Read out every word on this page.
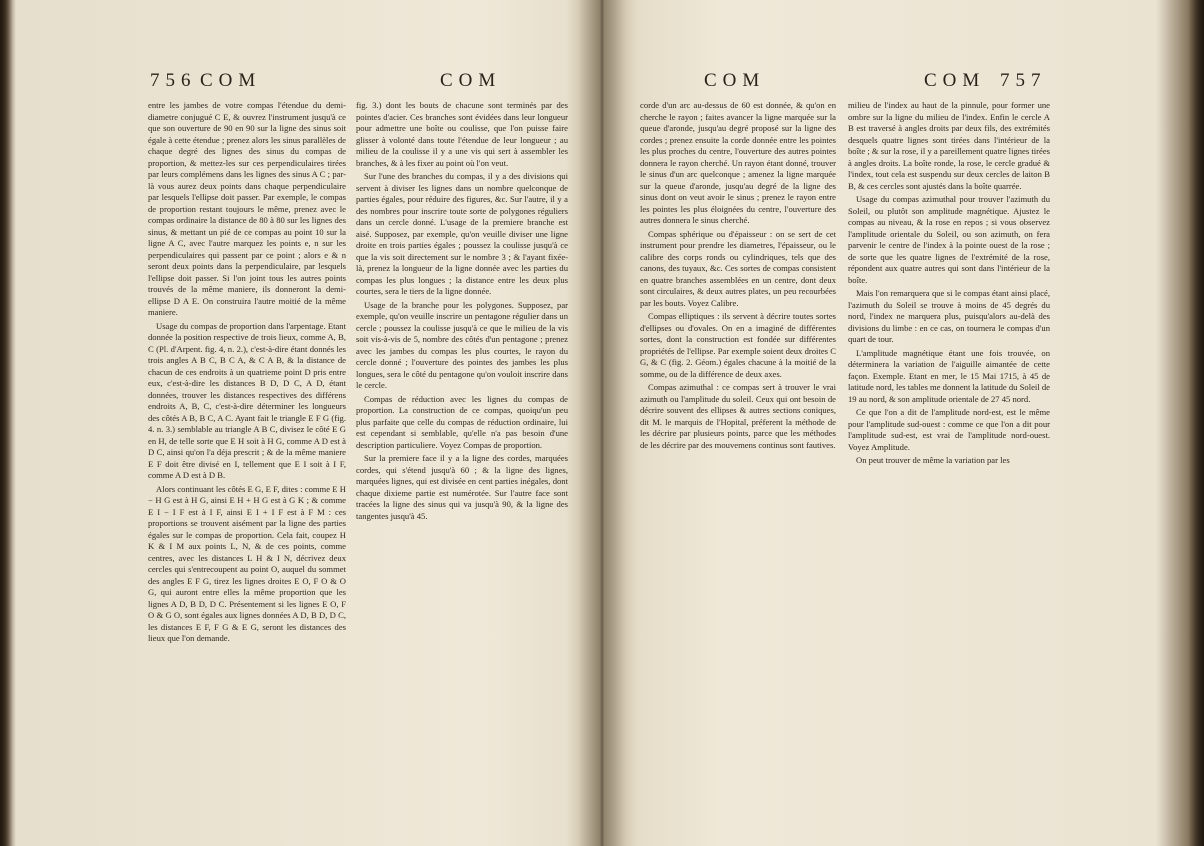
756 COM	COM

entre les jambes de votre compas l'étendue du demi-diametre conjugué C E, & ouvrez l'instrument jusqu'à ce que son ouverture de 90 en 90 sur la ligne des sinus soit égale à cette étendue ; prenez alors les sinus parallèles de chaque degré des lignes des sinus du compas de proportion, & mettez-les sur ces perpendiculaires tirées par leurs complémens dans les lignes des sinus A C ; par-là vous aurez deux points dans chaque perpendiculaire par lesquels l'ellipse doit passer. Par exemple, le compas de proportion restant toujours le même, prenez avec le compas ordinaire la distance de 80 à 80 sur les lignes des sinus, & mettant un pié de ce compas au point 10 sur la ligne A C, avec l'autre marquez les points e, n sur les perpendiculaires qui passent par ce point ; alors e & n seront deux points dans la perpendiculaire, par lesquels l'ellipse doit passer. Si l'on joint tous les autres points trouvés de la même maniere, ils donneront la demi-ellipse D A E. On construira l'autre moitié de la même maniere.

Usage du compas de proportion dans l'arpentage. Etant donnée la position respective de trois lieux, comme A, B, C (Pl. d'Arpent. fig. 4, n. 2.), c'est-à-dire étant donnés les trois angles A B C, B C A, & C A B, & la distance de chacun de ces endroits à un quatrieme point D pris entre eux, c'est-à-dire les distances B D, D C, A D, étant données, trouver les distances respectives des différens endroits A, B, C, c'est-à-dire déterminer les longueurs des côtés A B, B C, A C. Ayant fait le triangle E F G (fig. 4. n. 3.) semblable au triangle A B C, divisez le côté E G en H, de telle sorte que E H soit à H G, comme A D est à D C, ainsi qu'on l'a déja prescrit ; & de la même maniere E F doit être divisé en I, tellement que E I soit à I F, comme A D est à D B.

Alors continuant les côtés E G, E F, dites : comme E H − H G est à H G, ainsi E H + H G est à G K ; & comme E I − I F est à I F, ainsi E I + I F est à F M : ces proportions se trouvent aisément par la ligne des parties égales sur le compas de proportion. Cela fait, coupez H K & I M aux points L, N, & de ces points, comme centres, avec les distances L H & I N, décrivez deux cercles qui s'entrecoupent au point O, auquel du sommet des angles E F G, tirez les lignes droites E O, F O & O G, qui auront entre elles la même proportion que les lignes A D, B D, D C. Présentement si les lignes E O, F O & G O, sont égales aux lignes données A D, B D, D C, les distances E F, F G & E G, seront les distances des lieux que l'on demande.

fig. 3.) dont les bouts de chacune sont terminés par des pointes d'acier. Ces branches sont évidées dans leur longueur pour admettre une boîte ou coulisse, que l'on puisse faire glisser à volonté dans toute l'étendue de leur longueur ; au milieu de la coulisse il y a une vis qui sert à assembler les branches, & à les fixer au point où l'on veut.

Sur l'une des branches du compas, il y a des divisions qui servent à diviser les lignes dans un nombre quelconque de parties égales, pour réduire des figures, &c. Sur l'autre, il y a des nombres pour inscrire toute sorte de polygones réguliers dans un cercle donné. L'usage de la premiere branche est aisé. Supposez, par exemple, qu'on veuille diviser une ligne droite en trois parties égales ; poussez la coulisse jusqu'à ce que la vis soit directement sur le nombre 3 ; & l'ayant fixée-là, prenez la longueur de la ligne donnée avec les parties du compas les plus longues ; la distance entre les deux plus courtes, sera le tiers de la ligne donnée.

Usage de la branche pour les polygones. Supposez, par exemple, qu'on veuille inscrire un pentagone régulier dans un cercle ; poussez la coulisse jusqu'à ce que le milieu de la vis soit vis-à-vis de 5, nombre des côtés d'un pentagone ; prenez avec les jambes du compas les plus courtes, le rayon du cercle donné ; l'ouverture des pointes des jambes les plus longues, sera le côté du pentagone qu'on vouloit inscrire dans le cercle.

Compas de réduction avec les lignes du compas de proportion. La construction de ce compas, quoiqu'un peu plus parfaite que celle du compas de réduction ordinaire, lui est cependant si semblable, qu'elle n'a pas besoin d'une description particuliere. Voyez Compas de proportion.

Sur la premiere face il y a la ligne des cordes, marquées cordes, qui s'étend jusqu'à 60 ; & la ligne des lignes, marquées lignes, qui est divisée en cent parties inégales, dont chaque dixieme partie est numérotée. Sur l'autre face sont tracées la ligne des sinus qui va jusqu'à 90, & la ligne des tangentes jusqu'à 45.

COM	COM 757

corde d'un arc au-dessus de 60 est donnée, & qu'on en cherche le rayon ; faites avancer la ligne marquée sur la queue d'aronde, jusqu'au degré proposé sur la ligne des cordes ; prenez ensuite la corde donnée entre les pointes les plus proches du centre, l'ouverture des autres pointes donnera le rayon cherché. Un rayon étant donné, trouver le sinus d'un arc quelconque ; amenez la ligne marquée sur la queue d'aronde, jusqu'au degré de la ligne des sinus dont on veut avoir le sinus ; prenez le rayon entre les pointes les plus éloignées du centre, l'ouverture des autres donnera le sinus cherché.

Compas sphérique ou d'épaisseur : on se sert de cet instrument pour prendre les diametres, l'épaisseur, ou le calibre des corps ronds ou cylindriques, tels que des canons, des tuyaux, &c. Ces sortes de compas consistent en quatre branches assemblées en un centre, dont deux sont circulaires, & deux autres plates, un peu recourbées par les bouts. Voyez Calibre.

Compas elliptiques : ils servent à décrire toutes sortes d'ellipses ou d'ovales. On en a imaginé de différentes sortes, dont la construction est fondée sur différentes propriétés de l'ellipse. Par exemple soient deux droites C G, & C (fig. 2. Géom.) égales chacune à la moitié de la somme, ou de la différence de deux axes.

Compas azimuthal : ce compas sert à trouver le vrai azimuth ou l'amplitude du soleil. Ceux qui ont besoin de décrire souvent des ellipses & autres sections coniques, dit M. le marquis de l'Hopital, préferent la méthode de les décrire par plusieurs points, parce que les méthodes de les décrire par des mouvemens continus sont fautives.

milieu de l'index au haut de la pinnule, pour former une ombre sur la ligne du milieu de l'index. Enfin le cercle A B est traversé à angles droits par deux fils, des extrémités desquels quatre lignes sont tirées dans l'intérieur de la boîte ; & sur la rose, il y a pareillement quatre lignes tirées à angles droits. La boîte ronde, la rose, le cercle gradué & l'index, tout cela est suspendu sur deux cercles de laiton B B, & ces cercles sont ajustés dans la boîte quarrée.

Usage du compas azimuthal pour trouver l'azimuth du Soleil, ou plutôt son amplitude magnétique. Ajustez le compas au niveau, & la rose en repos ; si vous observez l'amplitude orientale du Soleil, ou son azimuth, on fera parvenir le centre de l'index à la pointe ouest de la rose ; de sorte que les quatre lignes de l'extrémité de la rose, répondent aux quatre autres qui sont dans l'intérieur de la boîte.

Mais l'on remarquera que si le compas étant ainsi placé, l'azimuth du Soleil se trouve à moins de 45 degrés du nord, l'index ne marquera plus, puisqu'alors au-delà des divisions du limbe : en ce cas, on tournera le compas d'un quart de tour.

L'amplitude magnétique étant une fois trouvée, on déterminera la variation de l'aiguille aimantée de cette façon. Exemple. Etant en mer, le 15 Mai 1715, à 45 de latitude nord, les tables me donnent la latitude du Soleil de 19 au nord, & son amplitude orientale de 27 45 nord.

Ce que l'on a dit de l'amplitude nord-est, est le même pour l'amplitude sud-ouest : comme ce que l'on a dit pour l'amplitude sud-est, est vrai de l'amplitude nord-ouest. Voyez Amplitude.

On peut trouver de même la variation par les
